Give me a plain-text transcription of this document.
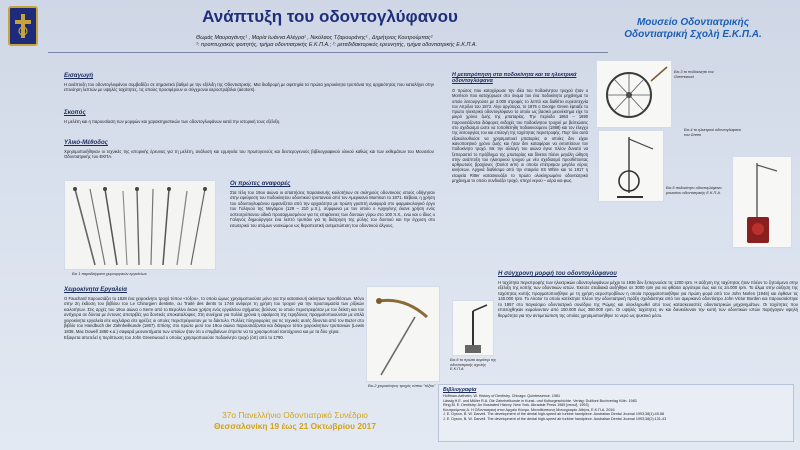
Ανάπτυξη του οδοντογλύφανου
Θωμάς Μαυραγάνης¹ , Μαρία Ιωάννα Αλέγρα¹ , Νικόλαος Τζαμουράνης¹ , Δημήτριος Κουτρούμπας²
¹: προπτυχιακός φοιτητής, τμήμα οδοντιατρικής Ε.Κ.Π.Α.; ²: μεταδιδακτορικός ερευνητής, τμήμα οδοντιατρικής Ε.Κ.Π.Α.
Μουσείο Οδοντιατρικής
Οδοντιατρική Σχολή Ε.Κ.Π.Α.
Εισαγωγή
Η ανάπτυξη του οδοντογλυφάνου συμβαδίζει σε σημαντικό βαθμό με την εξέλιξη της Οδοντιατρικής. Μια διαδρομή με αφετηρία τα πρώτα χειροκίνητα τρυπάνια της αρχαιότητας που καταλήγει στην επινόηση λεπτών με υψηλές ταχύτητες, τις οποίες προσφέρουν οι σύγχρονοι αεροστρόβιλοι (airotors).
Σκοπός
Η μελέτη και η παρουσίαση των μορφών και χαρακτηριστικών των οδοντογλυφάνων κατά την ιστορική τους εξέλιξη.
Υλικό-Μέθοδος
Χρησιμοποιήθηκαν οι τεχνικές της ιστορικής έρευνας για τη μελέτη, ανάλυση και ερμηνεία του πρωτογενούς και δευτερογενούς βιβλιογραφικού υλικού καθώς και των εκθεμάτων του Μουσείου Οδοντιατρικής του ΕΚΠΑ.
Εικ 1 παραδείγματα χειρουργικών εργαλείων
Οι πρώτες αναφορές
Στα τέλη του 19ου αιώνα οι απαιτήσεις παρασκευής κοιλοτήτων σε σκληρούς οδοντικούς ιστούς οδήγησαν στην εφεύρεση του ποδοκίνητου οδοντικού τρυπανιού από τον Αμερικανό Morrison το 1871. Βέβαια, η χρήση του οδοντογλυφάνου εμφανίζεται από την αρχαιότητα με πρώτη γραπτή αναφορά στο φαρμακολογικό έργο του Γαληνού της Μεγάμου (129 – 210 μ.Χ.), σύμφωνα με τον οποίο ο Αρχιγένης έκανε χρήση ενός οστεοτρύπανου οδικά προσαρμοσμένου για τις επιφάνειες των δοντιών γύρω στο 100 π.Χ., ενώ και ο ίδιος ο Γαληνός δημιούργησε ένα λεπτό τρυπάνι για τη διάτρηση της μύλης του δοντιού και την έγχυση στο εσωτερικό του ατόμων νοσκώμου ως θεραπευτική αντιμετώπιση του οδοντικού άλγους.
Χειροκίνητα Εργαλεία
Ο Fauchard παρουσιάζει το 1828 ένα χειροκίνητο τροχό τύπου «τόξου», το οποίο ώμως χρησιμοποιούσε μόνο για την κατασκευή ακίνητων προσθέσεων. Μόνο στην 2η έκδοση του βιβλίου του Le Chirurgien dentiste, ou Traité des dents το 1746 ανέφερε τη χρήση του τροχού για την προετοιμασία των ρίζικών κοιλοτήτων. Στις αρχές του 19ου αιώνα ο Serre από το Βερολίνο έκανε χρήση ενός εργαλείου σχήματος βελόνας το οποίο περιστρεφόταν με τον δείκτη και τον αντίχειρα σε δόντια με έντονες αποτριβές για δοντικές αποκαταλύψεις. Στη συνέχεια για πολλά χρόνια η αφαίρεση της τερηδόνας πραγματοποιούνταν με απλά χειροκίνητα εργαλεία είτε κοχλιάρια είτε φρέζες οι οποίες περιστρέφονταν με το δάκτυλο. Πολλές πληροφορίες για τις τεχνικές αυτές δίνονται από τον Buzer στο βιβλίο του Handbuch der Zahnheilkunde (1867). Επίσης στο πρώτο μισό του 19ου αιώνα παρουσιάζονται και διάφοροι τύποι χειροκίνητων τρυπανιών (Lewis 1838, Mac Dowell 1850 κ.α.) σαφαρά μεονεκτήματα των οποίων ήταν ότι ο επιμβαίνων έπρεπε να τα χρησιμοποιεί ταυτόχρονα και με τα δύο χέρια.
Εξαιρετα αποτελεί η περίπτωση του John Greenwood ο οποίος χρησιμοποιούσε ποδοκίνητο τροχό (όπ) από το 1790.
Εικ.2 χειροκίνητος τροχός τύπου "τόξου"
Η μετατρόπηση στα ποδοκίνητα και τα ηλεκτρικά οδοντογλύφανα
Ο πρώτος που κατοχύρωσε την ιδέα του ποδοκίνητου τροχού ήταν ο Morrison που κατοχύρωσε στο όνομα του ένα ποδοκίνητο μηχάνημα το οποίο λειτουργούσε με 3.000 στροφές το λεπτό και διαθέτει ευρεσιτεχνία τον Απρίλιο του 1872. Λίγο αργότερα, το 1875 ο George Green έφτιαξε το πρώτο ηλεκτρικό οδοντογλύφανο το οποίο ως βασικό μειονέκτημα είχε το μικρό χρόνο ζωής της μπαταρίας. Την περίοδο 1863 – 1890 παρουσιάζονται διάφορες εκδοχές του ποδοκίνητου τροχού με βελτιώσεις στο σχεδιασμό ώστε να τοποθετηθη ποδοκινούμενο (1888) και τον έλεγχο της λειτουργίας του και επιλογή της ταχύτητας περιστροφής. Παρ' όλο αυτά εξακολουθούσε να χρησιμοποιεί μπαταρίες οι οποίες δεν είχαν ικανοποιητικό χρόνο ζωής και ήταν δεν καταφέραν να εκτοπίσουν τον ποδοκίνητο τροχό. Με την αλλαγή του αιώνα έγινε πλέον δυνατό να ξεπεραστεί το πρόβλημα της μπαταρίας και δίνεται πλέον μεγάλη ώθηση στην ανάπτυξη του ηλεκτρικού τροχού με νέο σχεδιασμό προσθέτοντας αρθρωτούς βραχίονες (Doriot arm) οι οποίοι επέτρεψαν μεγάλο εύρος κινήσεων. Αρχικά διαθέσιμο από την εταιρεία SS White και το 1917 η εταιρεία Ritter κατασκευάζει το πρώτο ολοκληρωμένο οδοντιατρικό μηχάνημα το οποίο συνδυάζει τροχό, σπηρί νερού – αέρα και φως.
Εικ.3 το ποδοκίνητο του Greenwood
Εικ.5 ποδοκίνητο οδοντογλύφανο μουσείου οδοντιατρικής Ε.Κ.Π.Α.
Εικ.4 το ηλεκτρικό οδοντογλύφανο του Green
Η σύγχρονη μορφή του οδοντογλύφανου
Η ταχύτητα περιστροφής των ηλεκτρικών οδοντογλυφάνων μέχρι το 1936 δεν ξεπερνούσε τις 1200 rpm. Η αύξηση της ταχύτητας ήταν πλέον το ζητούμενο στην εξέλιξη της κοπής των οδοντικών ιστών. Έκτοτε σταδιακά αυξήθηκε σε 3000 rpm για να φθάσει αργότερα έως και τις 24.000 rpm. Το άλμα στην αύξηση της ταχύτητας κοπής πραγματοποιήθηκε με τη χρήση αεροστροβίλων η οποία πραγματοποιήθηκε για πρώτη φορά από τον John Norlen (1946) και έφθανε τις 140.000 rpm. To Airotor το οποίο κατέκτησε πλέον την οδοντιατρική πράξη σχεδιάστηκε από τον αμερικανό οδοντίατρο John Victor Borden και παρουσιάστηκε το 1957 στο παγκόσμιο οδοντιατρικό συνέδριο της Ρώμης και ολοκληρωθεί από τους κατασκευαστές οδοντιατρικών μηχανημάτων. Οι ταχύτητες που επιτεύχθηκαν κυμαίνονταν από 150.000 έως 350.000 rpm. Οι υψηλές ταχύτητες αν και διευκόλυναν την κοπή των οδοντικών ιστών παρήγαγαν υψηλή θερμότητα για την αντιμετώπιση της οποίας χρησιμοποιήθηκε το νερό ως ψυκτικό μέσο.
Εικ.6 το πρώτο αερότορ της οδοντιατρικής σχολής Ε.Κ.Π.Α
37ο Πανελλήνιο Οδοντιατρικό Συνέδριο
Θεσσαλονίκη 19 έως 21 Οκτωβρίου 2017
Βιβλιογραφία
Hoffman-Axthelm, W. History of Dentistry. Chicago: Quintessence. 1981
Lässig H.E. und Müller R.A. Die Zahnheilkunde in Kunst- und Kulturgeschichte. Verlag: DuMont Buchverlag Köln. 1983
Ring M. E. Dentistry: An Illustrated History. New York. Abradale Press 1985 [επαυξ. 1993]
Κουτρούμπας Δ. Η Οδοντιατρική στον Αρχαίο Κόσμο. Μονοθέσπιονη Μονογραφία. Αθήνα, Ε.Κ.Π.Α. 2016
J. E. Dyson, B. W. Darvell. The development of the dental high-speed air turbine handpiece. Australian Dental Journal 1993;38(1):49-58
J. E. Dyson, B. W. Darvell. The development of the dental high-speed air turbine handpiece. Australian Dental Journal 1993;38(2):131-43
